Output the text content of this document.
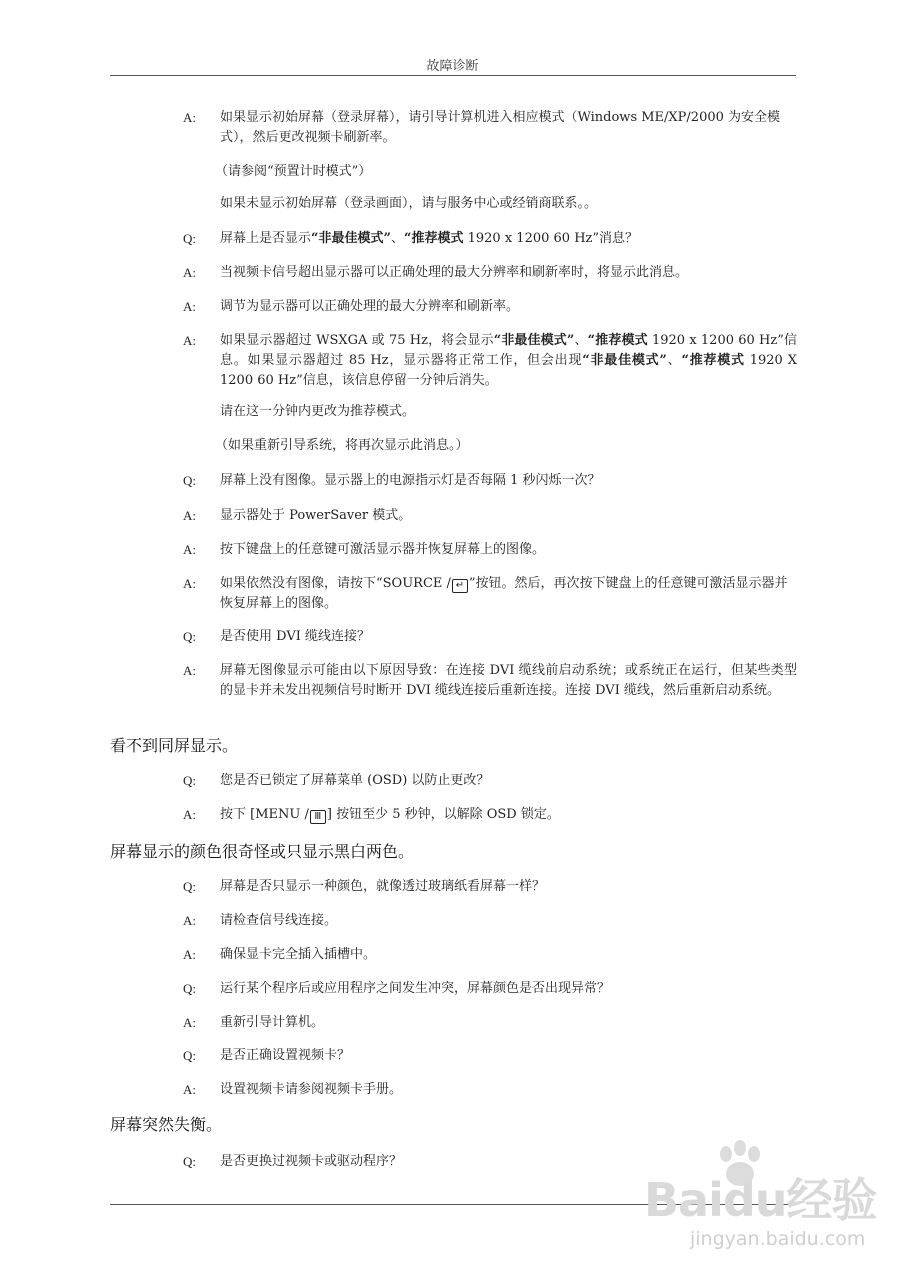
故障诊断
A: 如果显示初始屏幕（登录屏幕），请引导计算机进入相应模式（Windows ME/XP/2000 为安全模式），然后更改视频卡刷新率。
（请参阅“预置计时模式”）
如果未显示初始屏幕（登录画面），请与服务中心或经销商联系。。
Q: 屏幕上是否显示“非最佳模式”、“推荐模式 1920 x 1200 60 Hz”消息？
A: 当视频卡信号超出显示器可以正确处理的最大分辨率和刷新率时，将显示此消息。
A: 调节为显示器可以正确处理的最大分辨率和刷新率。
A: 如果显示器超过 WSXGA 或 75 Hz，将会显示“非最佳模式”、“推荐模式 1920 x 1200 60 Hz”信息。如果显示器超过 85 Hz，显示器将正常工作，但会出现“非最佳模式”、“推荐模式 1920 X 1200 60 Hz”信息，该信息停留一分钟后消失。
请在这一分钟内更改为推荐模式。
（如果重新引导系统，将再次显示此消息。）
Q: 屏幕上没有图像。显示器上的电源指示灯是否每隔 1 秒闪烁一次？
A: 显示器处于 PowerSaver 模式。
A: 按下键盘上的任意键可激活显示器并恢复屏幕上的图像。
A: 如果依然没有图像，请按下“SOURCE / ↵ ”按钮。然后，再次按下键盘上的任意键可激活显示器并恢复屏幕上的图像。
Q: 是否使用 DVI 缆线连接？
A: 屏幕无图像显示可能由以下原因导致：在连接 DVI 缆线前启动系统；或系统正在运行，但某些类型的显卡并未发出视频信号时断开 DVI 缆线连接后重新连接。连接 DVI 缆线，然后重新启动系统。
看不到同屏显示。
Q: 您是否已锁定了屏幕菜单 (OSD) 以防止更改？
A: 按下 [MENU / Ⅲ ] 按钮至少 5 秒钟，以解除 OSD 锁定。
屏幕显示的颜色很奇怪或只显示黑白两色。
Q: 屏幕是否只显示一种颜色，就像透过玻璃纸看屏幕一样？
A: 请检查信号线连接。
A: 确保显卡完全插入插槽中。
Q: 运行某个程序后或应用程序之间发生冲突，屏幕颜色是否出现异常？
A: 重新引导计算机。
Q: 是否正确设置视频卡？
A: 设置视频卡请参阅视频卡手册。
屏幕突然失衡。
Q: 是否更换过视频卡或驱动程序？
Baidu经验
jingyan.baidu.com
